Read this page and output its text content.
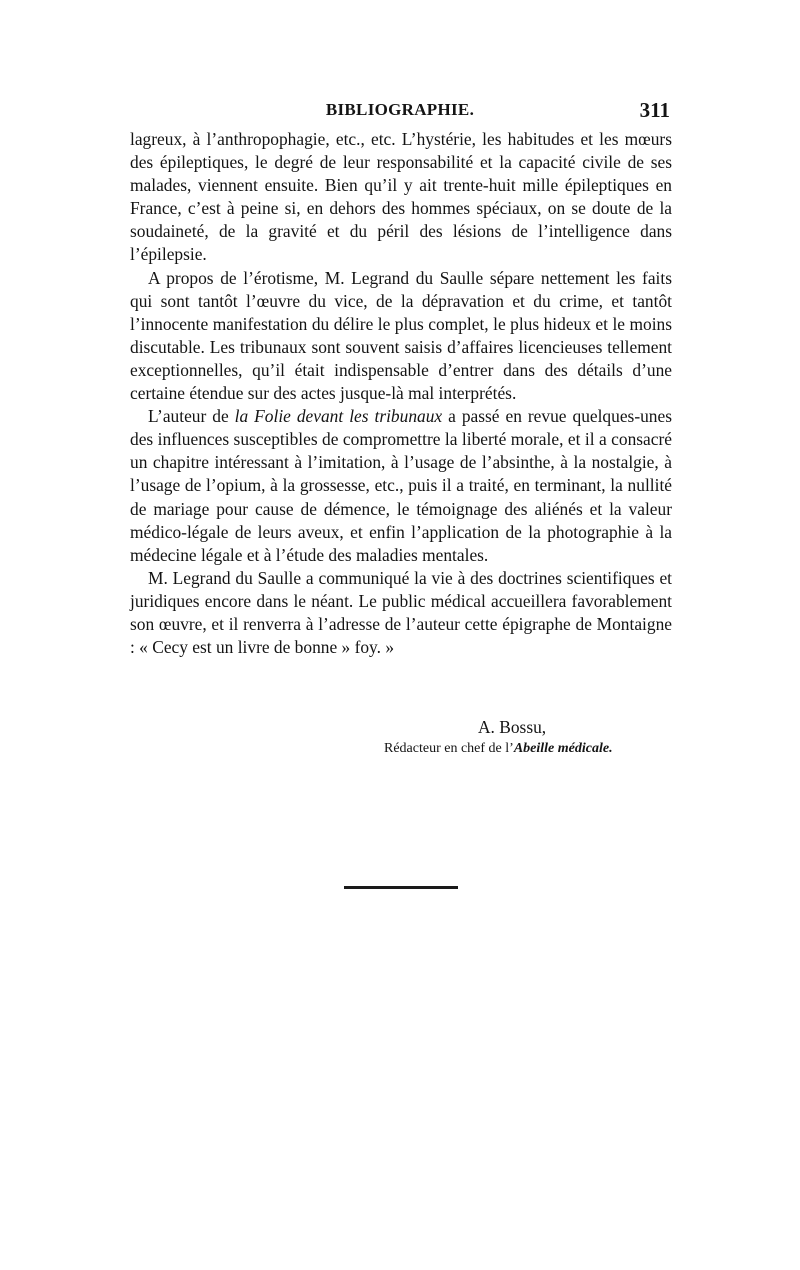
BIBLIOGRAPHIE.	311

lagreux, à l’anthropophagie, etc., etc. L’hystérie, les habitudes et les mœurs des épileptiques, le degré de leur responsabilité et la capacité civile de ses malades, viennent ensuite. Bien qu’il y ait trente-huit mille épileptiques en France, c’est à peine si, en dehors des hommes spéciaux, on se doute de la soudaineté, de la gravité et du péril des lésions de l’intelligence dans l’épilepsie.

A propos de l’érotisme, M. Legrand du Saulle sépare nettement les faits qui sont tantôt l’œuvre du vice, de la dépravation et du crime, et tantôt l’innocente manifestation du délire le plus complet, le plus hideux et le moins discutable. Les tribunaux sont souvent saisis d’affaires licencieuses tellement exceptionnelles, qu’il était indispensable d’entrer dans des détails d’une certaine étendue sur des actes jusque-là mal interprétés.

L’auteur de la Folie devant les tribunaux a passé en revue quelques-unes des influences susceptibles de compromettre la liberté morale, et il a consacré un chapitre intéressant à l’imitation, à l’usage de l’absinthe, à la nostalgie, à l’usage de l’opium, à la grossesse, etc., puis il a traité, en terminant, la nullité de mariage pour cause de démence, le témoignage des aliénés et la valeur médico-légale de leurs aveux, et enfin l’application de la photographie à la médecine légale et à l’étude des maladies mentales.

M. Legrand du Saulle a communiqué la vie à des doctrines scientifiques et juridiques encore dans le néant. Le public médical accueillera favorablement son œuvre, et il renverra à l’adresse de l’auteur cette épigraphe de Montaigne : « Cecy est un livre de bonne » foy. »

A. Bossu,
Rédacteur en chef de l’Abeille médicale.
